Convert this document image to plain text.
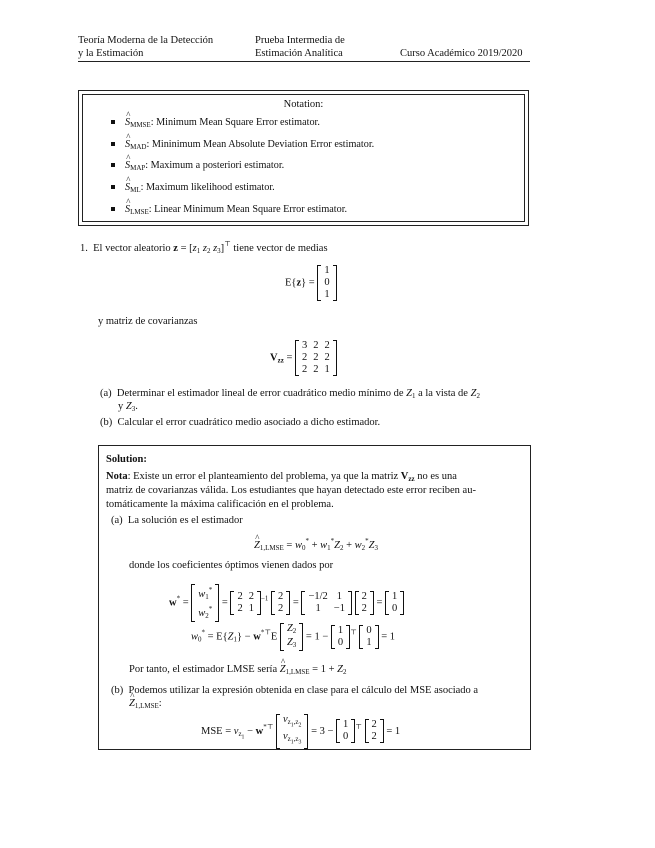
Teoría Moderna de la Detección
y la Estimación
Prueba Intermedia de
Estimación Analítica	Curso Académico 2019/2020
Notation:
^ $S_{MMSE}$: Minimum Mean Square Error estimator.
^ $S_{MAD}$: Mininimum Mean Absolute Deviation Error estimator.
^ $S_{MAP}$: Maximum a posteriori estimator.
^ $S_{ML}$: Maximum likelihood estimator.
^ $S_{LMSE}$: Linear Minimum Mean Square Error estimator.
1. El vector aleatorio $z = [z_1$ $z_2$ $z_3]^⊤$ tiene vector de medias
E{z} =
1
0
1
y matriz de covarianzas
$V_{zz}$ =
3	2	2
2	2	2
2	2	1
(a) Determinar el estimador lineal de error cuadrático medio mínimo de $Z_1$ a la vista de $Z_2$
y $Z_3$.
(b) Calcular el error cuadrático medio asociado a dicho estimador.
Solution:
Nota: Existe un error el planteamiento del problema, ya que la matriz $V_{zz}$ no es una
matriz de covarianzas válida. Los estudiantes que hayan detectado este error reciben au-
tomáticamente la máxima calificación en el problema.
(a) La solución es el estimador
^ $Z_{1,LMSE} = w_0^* + w_1^*Z_2 + w_2^*Z_3$
donde los coeficientes óptimos vienen dados por
w* =
$w_1^*$
$w_2^*$
=
2	2
2	1
$^{-1}$ 2
2
=
−1/2	1
1	−1

2
2
=
1
0
$w_0^* = E\{Z_1\} - w^{*⊤}E$
$Z_2$
$Z_3$
= 1 −
1
0
⊤ 0
1
= 1
Por tanto, el estimador LMSE sería ^ $Z_{1,LMSE} = 1 + Z_2$
(b) Podemos utilizar la expresión obtenida en clase para el cálculo del MSE asociado a
^ $Z_{1,LMSE}$:
MSE = $v_{z_1} - w^{*⊤}$
$v_{z_1,z_2}$
$v_{z_1,z_3}$
= 3 −
1
0
⊤ 2
2
= 1
